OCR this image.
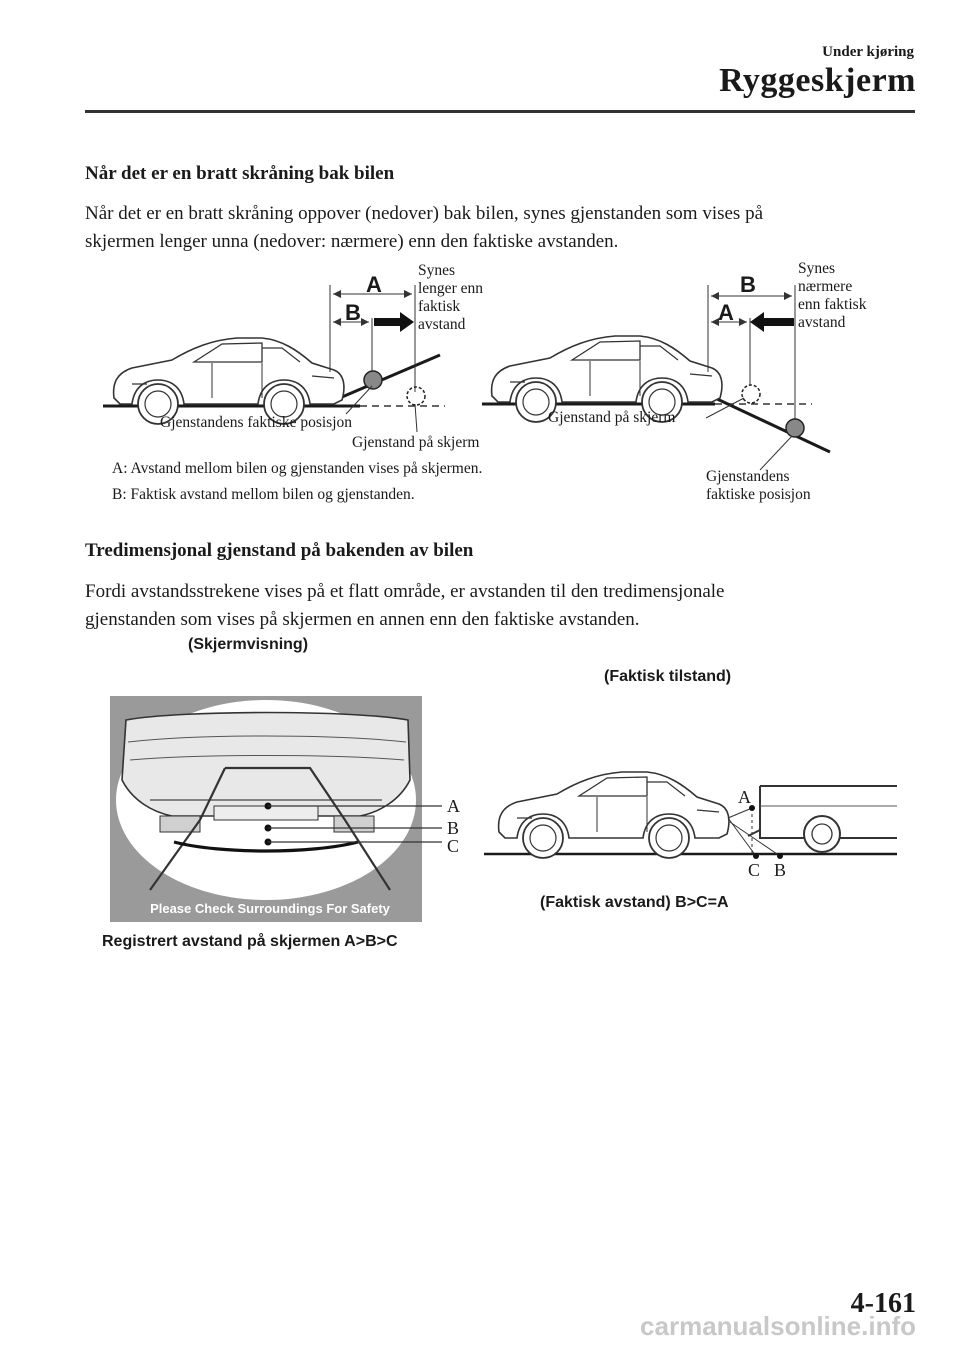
Under kjøring
Ryggeskjerm
Når det er en bratt skråning bak bilen
Når det er en bratt skråning oppover (nedover) bak bilen, synes gjenstanden som vises på
skjermen lenger unna (nedover: nærmere) enn den faktiske avstanden.
A
B
Synes
lenger enn
faktisk
avstand
Gjenstandens faktiske posisjon
Gjenstand på skjerm
B
A
Synes
nærmere
enn faktisk
avstand
Gjenstand på skjerm
Gjenstandens
faktiske posisjon
A: Avstand mellom bilen og gjenstanden vises på skjermen.
B: Faktisk avstand mellom bilen og gjenstanden.
Tredimensjonal gjenstand på bakenden av bilen
Fordi avstandsstrekene vises på et flatt område, er avstanden til den tredimensjonale
gjenstanden som vises på skjermen en annen enn den faktiske avstanden.
(Skjermvisning)
(Faktisk tilstand)
Please Check Surroundings For Safety
A
B
C
Registrert avstand på skjermen A>B>C
A
C B
(Faktisk avstand) B>C=A
4-161
carmanualsonline.info
